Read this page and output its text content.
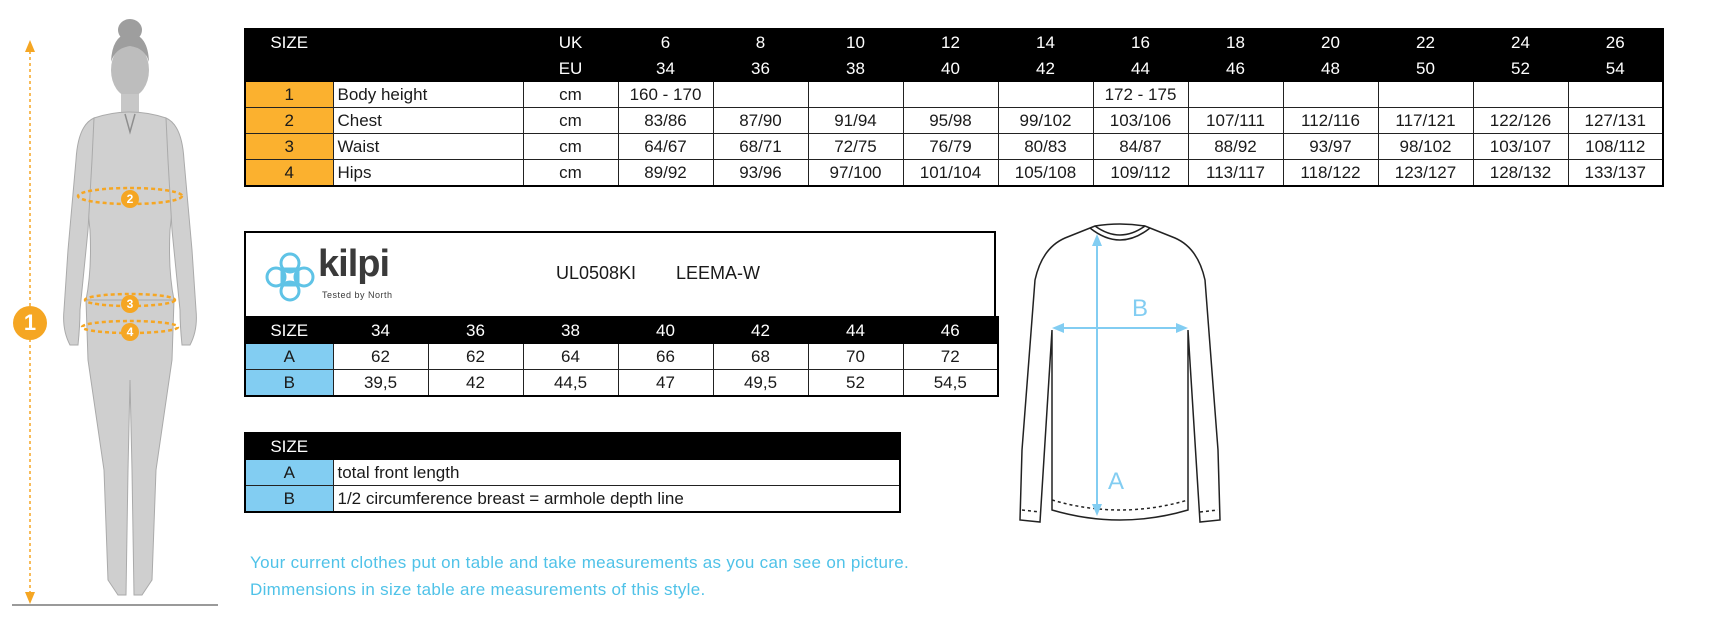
1
2
3
4
SIZE			UK	6	8	10	12	14	16	18	20	22	24	26
			EU	34	36	38	40	42	44	46	48	50	52	54
1	Body height		cm	160 - 170					172 - 175					
2	Chest		cm	83/86	87/90	91/94	95/98	99/102	103/106	107/111	112/116	117/121	122/126	127/131
3	Waist		cm	64/67	68/71	72/75	76/79	80/83	84/87	88/92	93/97	98/102	103/107	108/112
4	Hips		cm	89/92	93/96	97/100	101/104	105/108	109/112	113/117	118/122	123/127	128/132	133/137
kilpi
Tested by North
UL0508KI LEEMA-W
SIZE	34	36	38	40	42	44	46
A	62	62	64	66	68	70	72
B	39,5	42	44,5	47	49,5	52	54,5
SIZE	
A	total front length
B	1/2 circumference breast = armhole depth line
Your current clothes put on table and take measurements as you can see on picture.
Dimmensions in size table are measurements of this style.
A
B
